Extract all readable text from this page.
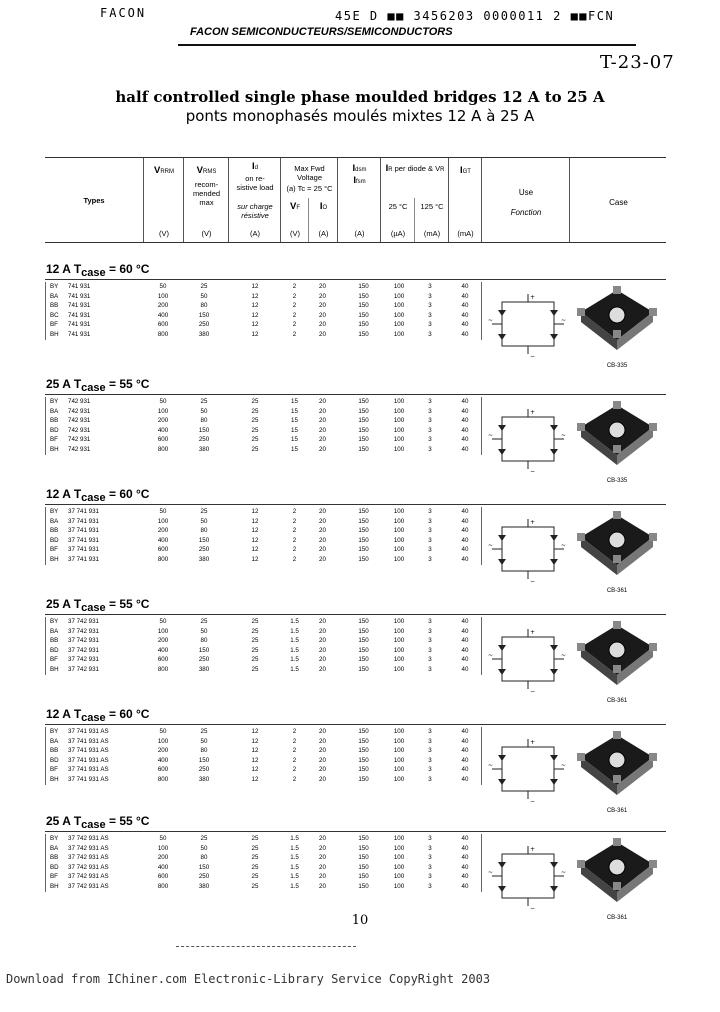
FACON	45E D ■■ 3456203 0000011 2 ■■FCN
FACON SEMICONDUCTEURS/SEMICONDUCTORS
T-23-07
half controlled single phase moulded bridges 12 A to 25 A
ponts monophasés moulés mixtes 12 A à 25 A
Types
VRRM
(V)
VRMS
recom-mended max
(V)
Id
on re-sistive load
sur charge résistive
(A)
Max Fwd Voltage
(a) Tc = 25 °C
VF	IO
(V)	(A)
Idsm
Ifsm
(A)
IR per diode & VR
25 °C	125 °C
(µA)	(mA)
IGT
(mA)
Use
Fonction
Case
12 A Tcase = 60 °C
BY	741 931	50	25	12	2	20	150	100	3	40
BA	741 931	100	50	12	2	20	150	100	3	40
BB	741 931	200	80	12	2	20	150	100	3	40
BC	741 931	400	150	12	2	20	150	100	3	40
BF	741 931	600	250	12	2	20	150	100	3	40
BH	741 931	800	380	12	2	20	150	100	3	40
+
−
~	~
CB-335
25 A Tcase = 55 °C
BY	742 931	50	25	25	15	20	150	100	3	40
BA	742 931	100	50	25	15	20	150	100	3	40
BB	742 931	200	80	25	15	20	150	100	3	40
BD	742 931	400	150	25	15	20	150	100	3	40
BF	742 931	600	250	25	15	20	150	100	3	40
BH	742 931	800	380	25	15	20	150	100	3	40
+
−
~	~
CB-335
12 A Tcase = 60 °C
BY	37 741 931	50	25	12	2	20	150	100	3	40
BA	37 741 931	100	50	12	2	20	150	100	3	40
BB	37 741 931	200	80	12	2	20	150	100	3	40
BD	37 741 931	400	150	12	2	20	150	100	3	40
BF	37 741 931	600	250	12	2	20	150	100	3	40
BH	37 741 931	800	380	12	2	20	150	100	3	40
+
−
~	~
CB-361
25 A Tcase = 55 °C
BY	37 742 931	50	25	25	1.5	20	150	100	3	40
BA	37 742 931	100	50	25	1.5	20	150	100	3	40
BB	37 742 931	200	80	25	1.5	20	150	100	3	40
BD	37 742 931	400	150	25	1.5	20	150	100	3	40
BF	37 742 931	600	250	25	1.5	20	150	100	3	40
BH	37 742 931	800	380	25	1.5	20	150	100	3	40
+
−
~	~
CB-361
12 A Tcase = 60 °C
BY	37 741 931 AS	50	25	12	2	20	150	100	3	40
BA	37 741 931 AS	100	50	12	2	20	150	100	3	40
BB	37 741 931 AS	200	80	12	2	20	150	100	3	40
BD	37 741 931 AS	400	150	12	2	20	150	100	3	40
BF	37 741 931 AS	600	250	12	2	20	150	100	3	40
BH	37 741 931 AS	800	380	12	2	20	150	100	3	40
+
−
~	~
CB-361
25 A Tcase = 55 °C
BY	37 742 931 AS	50	25	25	1.5	20	150	100	3	40
BA	37 742 931 AS	100	50	25	1.5	20	150	100	3	40
BB	37 742 931 AS	200	80	25	1.5	20	150	100	3	40
BD	37 742 931 AS	400	150	25	1.5	20	150	100	3	40
BF	37 742 931 AS	600	250	25	1.5	20	150	100	3	40
BH	37 742 931 AS	800	380	25	1.5	20	150	100	3	40
+
−
~	~
CB-361
10
Download from IChiner.com Electronic-Library Service CopyRight 2003
